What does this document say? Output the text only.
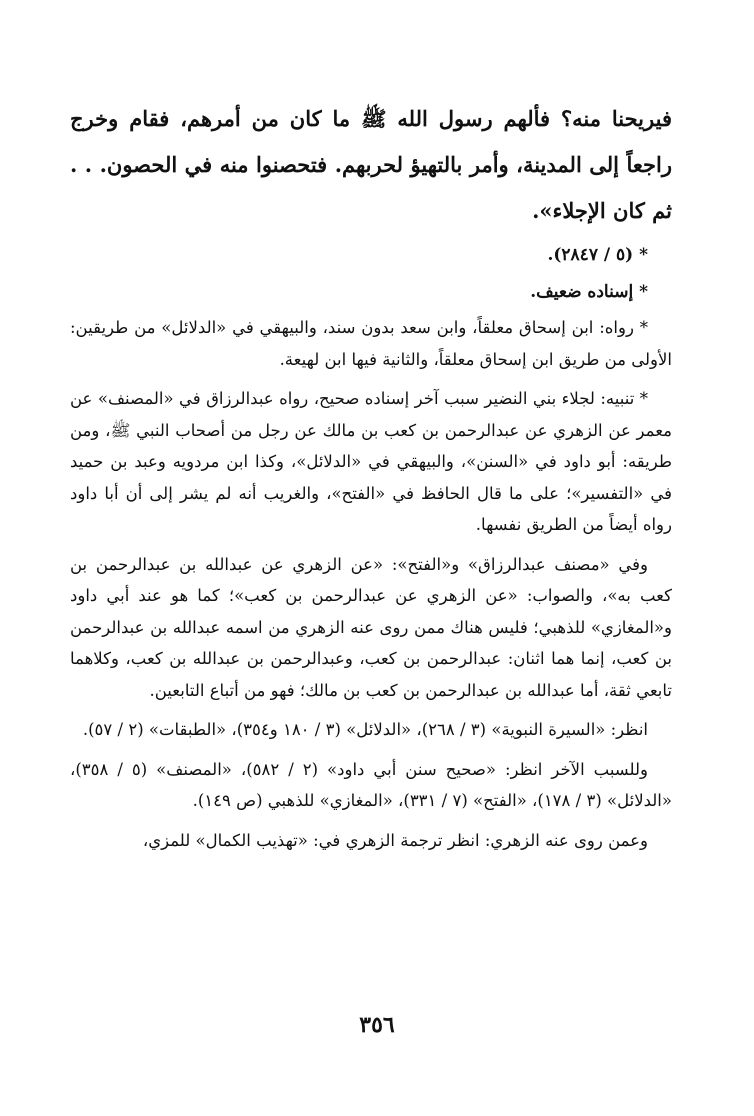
فيريحنا منه؟ فألهم رسول الله ﷺ ما كان من أمرهم، فقام وخرج راجعاً إلى المدينة، وأمر بالتهيؤ لحربهم. فتحصنوا منه في الحصون. . . ثم كان الإجلاء».

* (٥ / ٢٨٤٧).

* إسناده ضعيف.

* رواه: ابن إسحاق معلقاً، وابن سعد بدون سند، والبيهقي في «الدلائل» من طريقين: الأولى من طريق ابن إسحاق معلقاً، والثانية فيها ابن لهيعة.

* تنبيه: لجلاء بني النضير سبب آخر إسناده صحيح، رواه عبدالرزاق في «المصنف» عن معمر عن الزهري عن عبدالرحمن بن كعب بن مالك عن رجل من أصحاب النبي ﷺ، ومن طريقه: أبو داود في «السنن»، والبيهقي في «الدلائل»، وكذا ابن مردويه وعبد بن حميد في «التفسير»؛ على ما قال الحافظ في «الفتح»، والغريب أنه لم يشر إلى أن أبا داود رواه أيضاً من الطريق نفسها.

وفي «مصنف عبدالرزاق» و«الفتح»: «عن الزهري عن عبدالله بن عبدالرحمن بن كعب به»، والصواب: «عن الزهري عن عبدالرحمن بن كعب»؛ كما هو عند أبي داود و«المغازي» للذهبي؛ فليس هناك ممن روى عنه الزهري من اسمه عبدالله بن عبدالرحمن بن كعب، إنما هما اثنان: عبدالرحمن بن كعب، وعبدالرحمن بن عبدالله بن كعب، وكلاهما تابعي ثقة، أما عبدالله بن عبدالرحمن بن كعب بن مالك؛ فهو من أتباع التابعين.

انظر: «السيرة النبوية» (٣ / ٢٦٨)، «الدلائل» (٣ / ١٨٠ و٣٥٤)، «الطبقات» (٢ / ٥٧).

وللسبب الآخر انظر: «صحيح سنن أبي داود» (٢ / ٥٨٢)، «المصنف» (٥ / ٣٥٨)، «الدلائل» (٣ / ١٧٨)، «الفتح» (٧ / ٣٣١)، «المغازي» للذهبي (ص ١٤٩).

وعمن روى عنه الزهري: انظر ترجمة الزهري في: «تهذيب الكمال» للمزي،

٣٥٦
